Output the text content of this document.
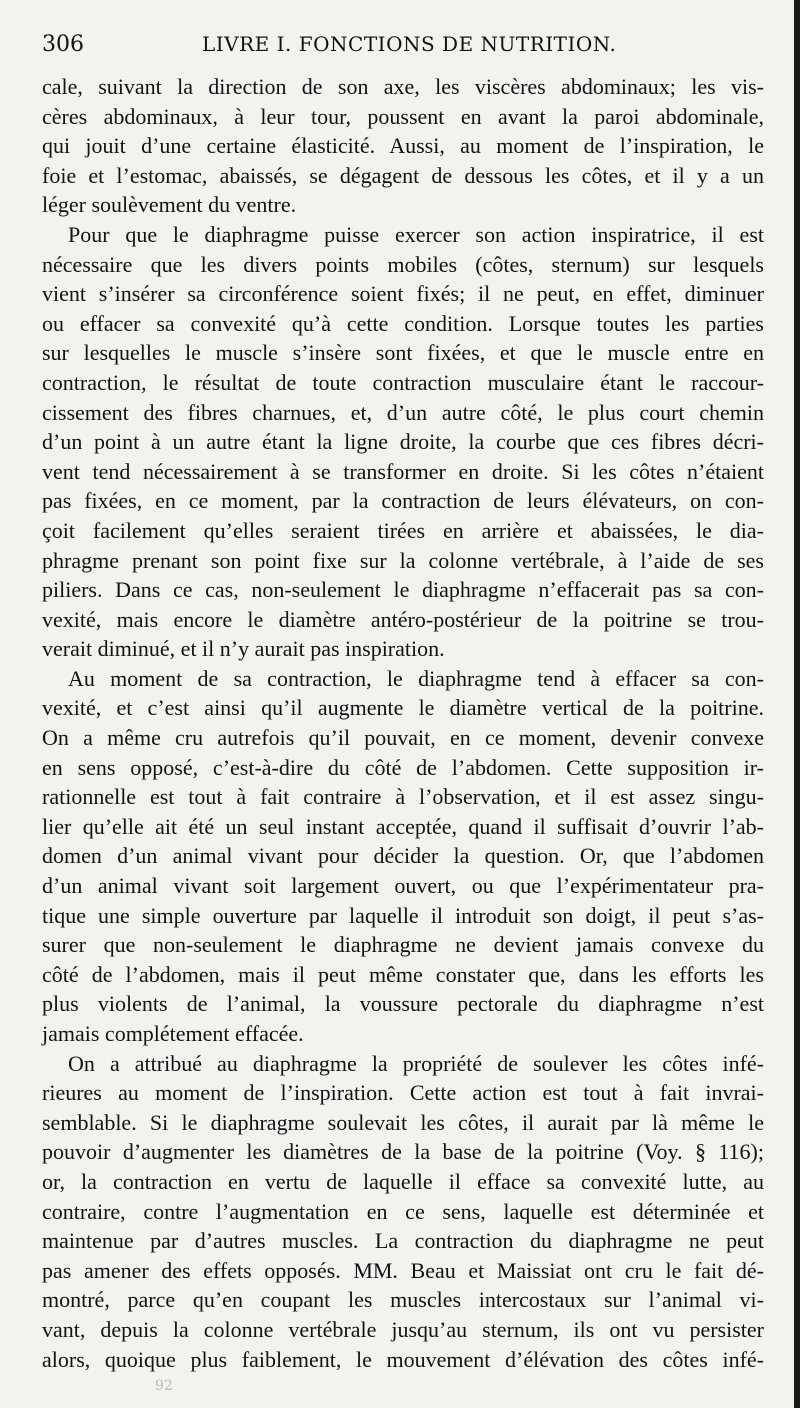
306	LIVRE I. FONCTIONS DE NUTRITION.
cale, suivant la direction de son axe, les viscères abdominaux; les vis-
cères abdominaux, à leur tour, poussent en avant la paroi abdominale,
qui jouit d’une certaine élasticité. Aussi, au moment de l’inspiration, le
foie et l’estomac, abaissés, se dégagent de dessous les côtes, et il y a un
léger soulèvement du ventre.
Pour que le diaphragme puisse exercer son action inspiratrice, il est
nécessaire que les divers points mobiles (côtes, sternum) sur lesquels
vient s’insérer sa circonférence soient fixés; il ne peut, en effet, diminuer
ou effacer sa convexité qu’à cette condition. Lorsque toutes les parties
sur lesquelles le muscle s’insère sont fixées, et que le muscle entre en
contraction, le résultat de toute contraction musculaire étant le raccour-
cissement des fibres charnues, et, d’un autre côté, le plus court chemin
d’un point à un autre étant la ligne droite, la courbe que ces fibres décri-
vent tend nécessairement à se transformer en droite. Si les côtes n’étaient
pas fixées, en ce moment, par la contraction de leurs élévateurs, on con-
çoit facilement qu’elles seraient tirées en arrière et abaissées, le dia-
phragme prenant son point fixe sur la colonne vertébrale, à l’aide de ses
piliers. Dans ce cas, non-seulement le diaphragme n’effacerait pas sa con-
vexité, mais encore le diamètre antéro-postérieur de la poitrine se trou-
verait diminué, et il n’y aurait pas inspiration.
Au moment de sa contraction, le diaphragme tend à effacer sa con-
vexité, et c’est ainsi qu’il augmente le diamètre vertical de la poitrine.
On a même cru autrefois qu’il pouvait, en ce moment, devenir convexe
en sens opposé, c’est-à-dire du côté de l’abdomen. Cette supposition ir-
rationnelle est tout à fait contraire à l’observation, et il est assez singu-
lier qu’elle ait été un seul instant acceptée, quand il suffisait d’ouvrir l’ab-
domen d’un animal vivant pour décider la question. Or, que l’abdomen
d’un animal vivant soit largement ouvert, ou que l’expérimentateur pra-
tique une simple ouverture par laquelle il introduit son doigt, il peut s’as-
surer que non-seulement le diaphragme ne devient jamais convexe du
côté de l’abdomen, mais il peut même constater que, dans les efforts les
plus violents de l’animal, la voussure pectorale du diaphragme n’est
jamais complétement effacée.
On a attribué au diaphragme la propriété de soulever les côtes infé-
rieures au moment de l’inspiration. Cette action est tout à fait invrai-
semblable. Si le diaphragme soulevait les côtes, il aurait par là même le
pouvoir d’augmenter les diamètres de la base de la poitrine (Voy. § 116);
or, la contraction en vertu de laquelle il efface sa convexité lutte, au
contraire, contre l’augmentation en ce sens, laquelle est déterminée et
maintenue par d’autres muscles. La contraction du diaphragme ne peut
pas amener des effets opposés. MM. Beau et Maissiat ont cru le fait dé-
montré, parce qu’en coupant les muscles intercostaux sur l’animal vi-
vant, depuis la colonne vertébrale jusqu’au sternum, ils ont vu persister
alors, quoique plus faiblement, le mouvement d’élévation des côtes infé-
92
